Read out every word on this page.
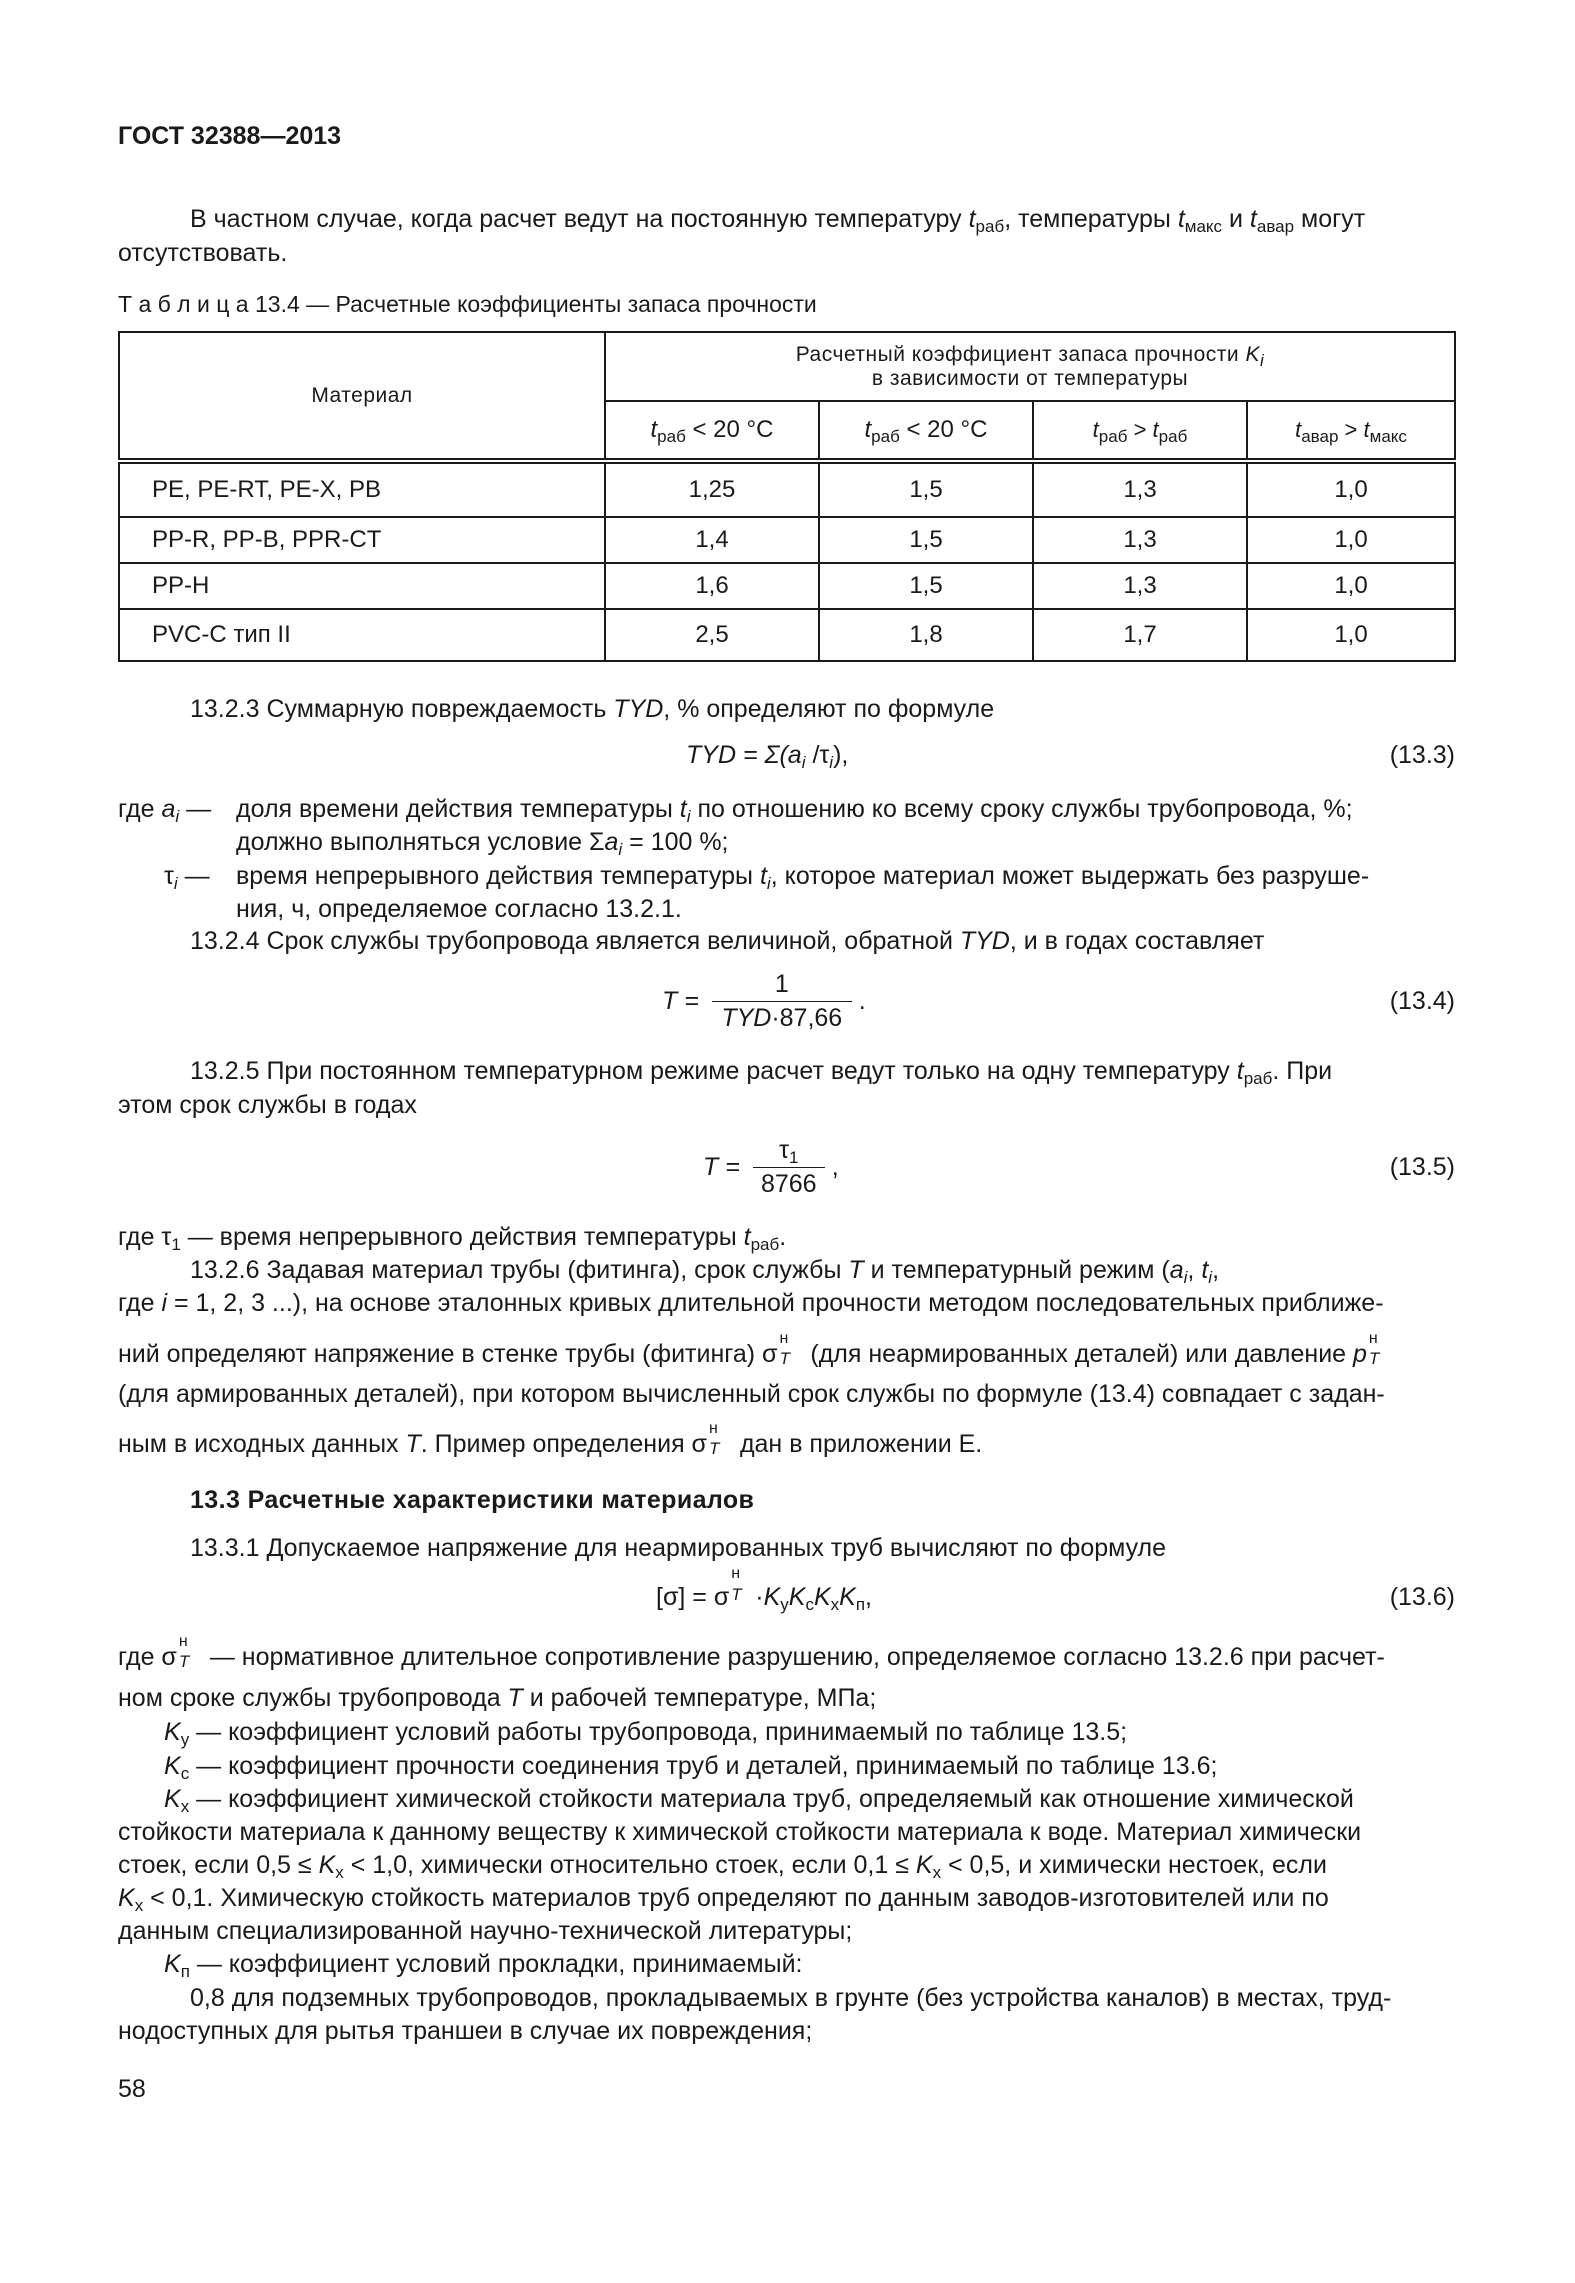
ГОСТ 32388—2013
В частном случае, когда расчет ведут на постоянную температуру $t_{раб}$, температуры $t_{макс}$ и $t_{авар}$ могут
отсутствовать.
Т а б л и ц а 13.4 — Расчетные коэффициенты запаса прочности
Материал	Расчетный коэффициент запаса прочности $K_i$
в зависимости от температуры			
	$t_{раб} < 20$ °C	$t_{раб} < 20$ °C	$t_{раб} > t_{раб}$	$t_{авар} > t_{макс}$
PE, PE-RT, PE-X, PB	1,25	1,5	1,3	1,0
PP-R, PP-B, PPR-CT	1,4	1,5	1,3	1,0
PP-H	1,6	1,5	1,3	1,0
PVC-C тип II	2,5	1,8	1,7	1,0
13.2.3 Суммарную повреждаемость TYD, % определяют по формуле
TYD = $\Sigma(a_i$ $/\tau_i$),	(13.3)
где $a_i$ — доля времени действия температуры $t_i$ по отношению ко всему сроку службы трубопровода, %;
должно выполняться условие $\Sigma a_i = 100$ %;
$\tau_i$ — время непрерывного действия температуры $t_i$, которое материал может выдержать без разруше-
ния, ч, определяемое согласно 13.2.1.
13.2.4 Срок службы трубопровода является величиной, обратной TYD, и в годах составляет
$T = \frac{1}{\text{TYD·87,66}}$ .	(13.4)
13.2.5 При постоянном температурном режиме расчет ведут только на одну температуру $t_{раб}$. При
этом срок службы в годах
$T = \frac{\tau_1}{8766}$ ,	(13.5)
где $\tau_1$ — время непрерывного действия температуры $t_{раб}$.
13.2.6 Задавая материал трубы (фитинга), срок службы T и температурный режим ($a_i$, $t_i$,
где i = 1, 2, 3 ...), на основе эталонных кривых длительной прочности методом последовательных приближе-
ний определяют напряжение в стенке трубы (фитинга) σ
н
T (для неармированных деталей) или давление p
н
T
(для армированных деталей), при котором вычисленный срок службы по формуле (13.4) совпадает с задан-
ным в исходных данных T. Пример определения σ
н
T дан в приложении Е.
13.3 Расчетные характеристики материалов
13.3.1 Допускаемое напряжение для неармированных труб вычисляют по формуле
[σ] = σ
н
$T \cdot K_уK_cK_xK_п$,	(13.6)
где σ
н
T — нормативное длительное сопротивление разрушению, определяемое согласно 13.2.6 при расчет-
ном сроке службы трубопровода T и рабочей температуре, МПа;
$K_у$ — коэффициент условий работы трубопровода, принимаемый по таблице 13.5;
$K_с$ — коэффициент прочности соединения труб и деталей, принимаемый по таблице 13.6;
$K_х$ — коэффициент химической стойкости материала труб, определяемый как отношение химической
стойкости материала к данному веществу к химической стойкости материала к воде. Материал химически
стоек, если $0,5 \le K_х < 1,0$, химически относительно стоек, если $0,1 \le K_х < 0,5$, и химически нестоек, если
$K_х < 0,1$. Химическую стойкость материалов труб определяют по данным заводов-изготовителей или по
данным специализированной научно-технической литературы;
$K_п$ — коэффициент условий прокладки, принимаемый:
0,8 для подземных трубопроводов, прокладываемых в грунте (без устройства каналов) в местах, труд-
нодоступных для рытья траншеи в случае их повреждения;
58
